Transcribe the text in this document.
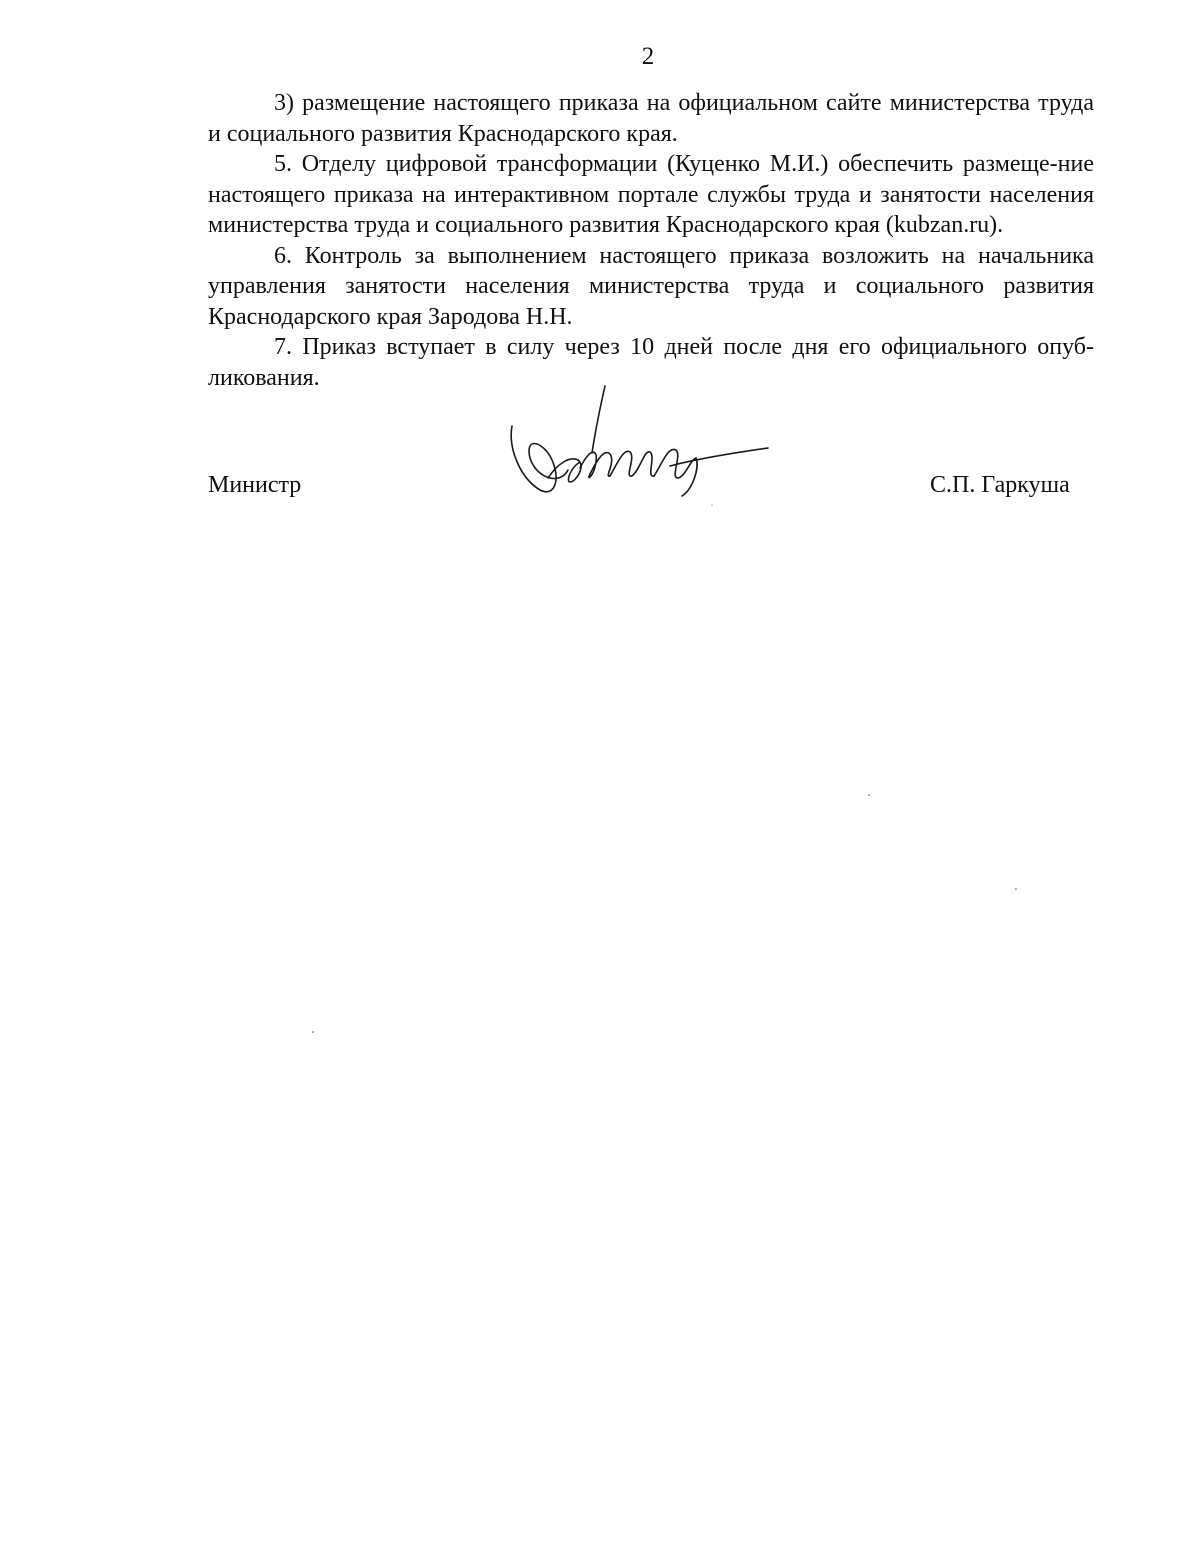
2

3) размещение настоящего приказа на официальном сайте министерства труда и социального развития Краснодарского края.

5. Отделу цифровой трансформации (Куценко М.И.) обеспечить размеще-ние настоящего приказа на интерактивном портале службы труда и занятости населения министерства труда и социального развития Краснодарского края (kubzan.ru).

6. Контроль за выполнением настоящего приказа возложить на начальника управления занятости населения министерства труда и социального развития Краснодарского края Зародова Н.Н.

7. Приказ вступает в силу через 10 дней после дня его официального опуб-ликования.

Министр	С.П. Гаркуша
